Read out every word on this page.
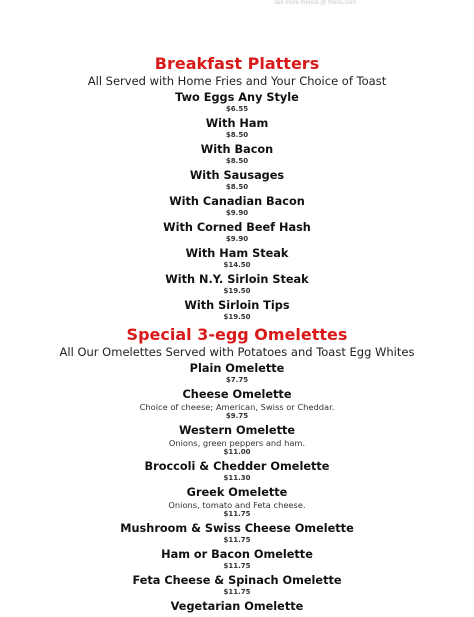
see more menus @ menu.com
Breakfast Platters

All Served with Home Fries and Your Choice of Toast

Two Eggs Any Style
$6.55
With Ham
$8.50
With Bacon
$8.50
With Sausages
$8.50
With Canadian Bacon
$9.90
With Corned Beef Hash
$9.90
With Ham Steak
$14.50
With N.Y. Sirloin Steak
$19.50
With Sirloin Tips
$19.50
Special 3-egg Omelettes

All Our Omelettes Served with Potatoes and Toast Egg Whites

Plain Omelette
$7.75
Cheese Omelette
Choice of cheese; American, Swiss or Cheddar.
$9.75
Western Omelette
Onions, green peppers and ham.
$11.00
Broccoli & Chedder Omelette
$11.30
Greek Omelette
Onions, tomato and Feta cheese.
$11.75
Mushroom & Swiss Cheese Omelette
$11.75
Ham or Bacon Omelette
$11.75
Feta Cheese & Spinach Omelette
$11.75
Vegetarian Omelette
